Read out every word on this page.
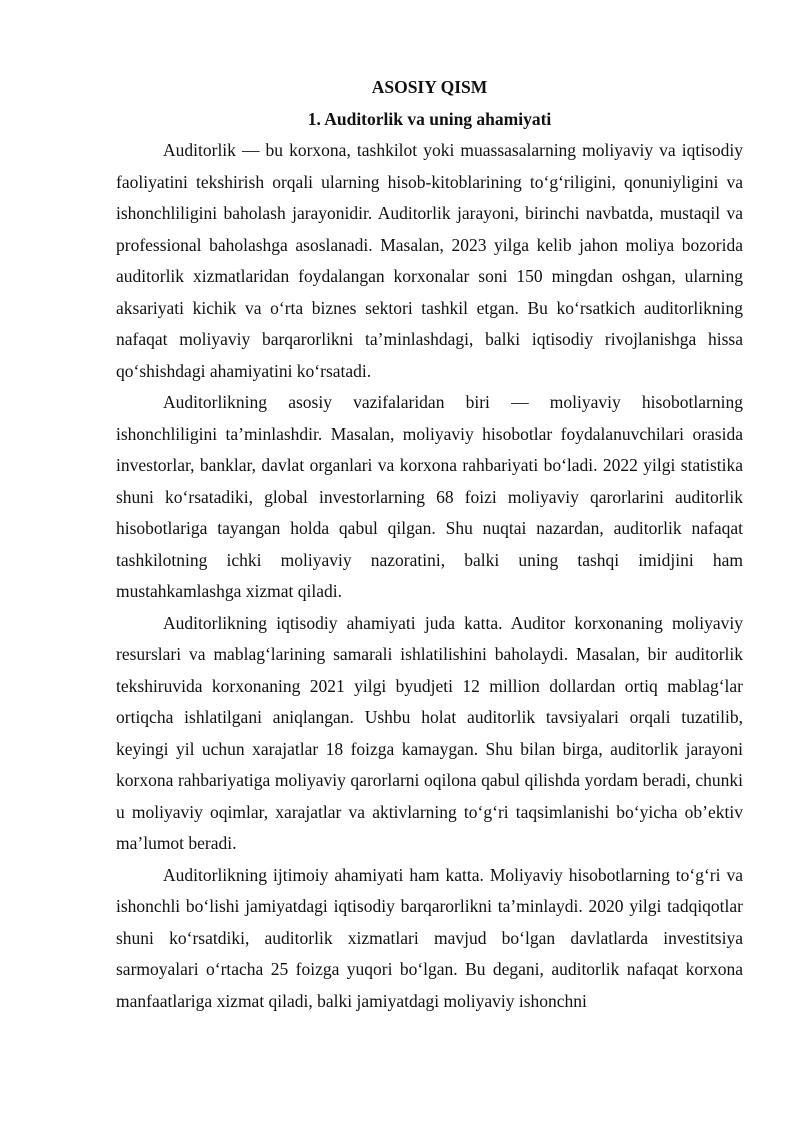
ASOSIY QISM

1. Auditorlik va uning ahamiyati

Auditorlik — bu korxona, tashkilot yoki muassasalarning moliyaviy va iqtisodiy faoliyatini tekshirish orqali ularning hisob-kitoblarining to‘g‘riligini, qonuniyligini va ishonchliligini baholash jarayonidir. Auditorlik jarayoni, birinchi navbatda, mustaqil va professional baholashga asoslanadi. Masalan, 2023 yilga kelib jahon moliya bozorida auditorlik xizmatlaridan foydalangan korxonalar soni 150 mingdan oshgan, ularning aksariyati kichik va o‘rta biznes sektori tashkil etgan. Bu ko‘rsatkich auditorlikning nafaqat moliyaviy barqarorlikni ta’minlashdagi, balki iqtisodiy rivojlanishga hissa qo‘shishdagi ahamiyatini ko‘rsatadi.

Auditorlikning asosiy vazifalaridan biri — moliyaviy hisobotlarning ishonchliligini ta’minlashdir. Masalan, moliyaviy hisobotlar foydalanuvchilari orasida investorlar, banklar, davlat organlari va korxona rahbariyati bo‘ladi. 2022 yilgi statistika shuni ko‘rsatadiki, global investorlarning 68 foizi moliyaviy qarorlarini auditorlik hisobotlariga tayangan holda qabul qilgan. Shu nuqtai nazardan, auditorlik nafaqat tashkilotning ichki moliyaviy nazoratini, balki uning tashqi imidjini ham mustahkamlashga xizmat qiladi.

Auditorlikning iqtisodiy ahamiyati juda katta. Auditor korxonaning moliyaviy resurslari va mablag‘larining samarali ishlatilishini baholaydi. Masalan, bir auditorlik tekshiruvida korxonaning 2021 yilgi byudjeti 12 million dollardan ortiq mablag‘lar ortiqcha ishlatilgani aniqlangan. Ushbu holat auditorlik tavsiyalari orqali tuzatilib, keyingi yil uchun xarajatlar 18 foizga kamaygan. Shu bilan birga, auditorlik jarayoni korxona rahbariyatiga moliyaviy qarorlarni oqilona qabul qilishda yordam beradi, chunki u moliyaviy oqimlar, xarajatlar va aktivlarning to‘g‘ri taqsimlanishi bo‘yicha ob’ektiv ma’lumot beradi.

Auditorlikning ijtimoiy ahamiyati ham katta. Moliyaviy hisobotlarning to‘g‘ri va ishonchli bo‘lishi jamiyatdagi iqtisodiy barqarorlikni ta’minlaydi. 2020 yilgi tadqiqotlar shuni ko‘rsatdiki, auditorlik xizmatlari mavjud bo‘lgan davlatlarda investitsiya sarmoyalari o‘rtacha 25 foizga yuqori bo‘lgan. Bu degani, auditorlik nafaqat korxona manfaatlariga xizmat qiladi, balki jamiyatdagi moliyaviy ishonchni
